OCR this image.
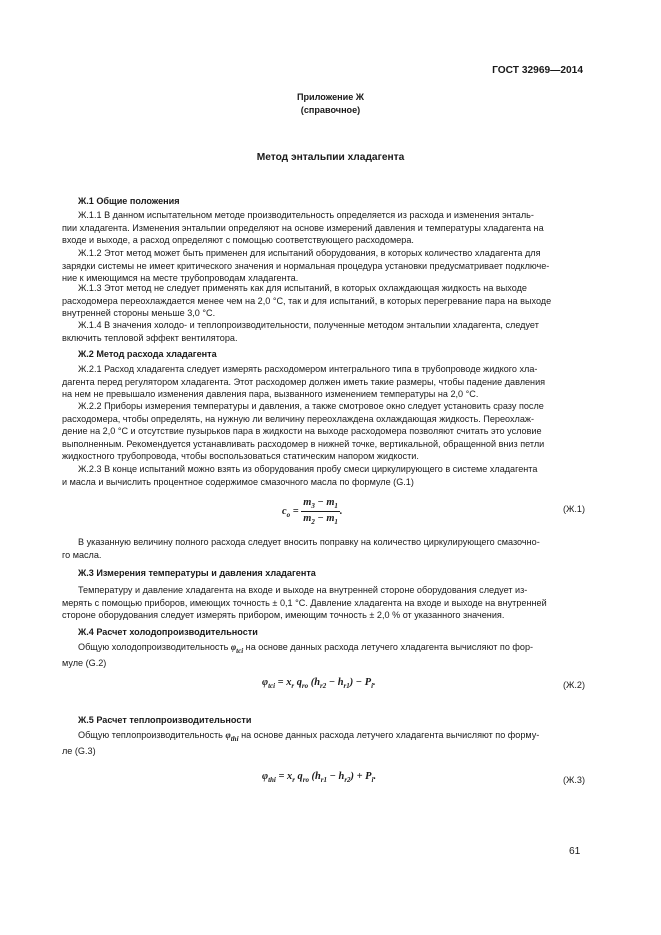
ГОСТ 32969—2014
Приложение Ж
(справочное)
Метод энтальпии хладагента
Ж.1 Общие положения
Ж.1.1 В данном испытательном методе производительность определяется из расхода и изменения энталь-
пии хладагента. Изменения энтальпии определяют на основе измерений давления и температуры хладагента на
входе и выходе, а расход определяют с помощью соответствующего расходомера.
Ж.1.2 Этот метод может быть применен для испытаний оборудования, в которых количество хладагента для
зарядки системы не имеет критического значения и нормальная процедура установки предусматривает подключе-
ние к имеющимся на месте трубопроводам хладагента.
Ж.1.3 Этот метод не следует применять как для испытаний, в которых охлаждающая жидкость на выходе
расходомера переохлаждается менее чем на 2,0 °С, так и для испытаний, в которых перегревание пара на выходе
внутренней стороны меньше 3,0 °С.
Ж.1.4 В значения холодо- и теплопроизводительности, полученные методом энтальпии хладагента, следует
включить тепловой эффект вентилятора.
Ж.2 Метод расхода хладагента
Ж.2.1 Расход хладагента следует измерять расходомером интегрального типа в трубопроводе жидкого хла-
дагента перед регулятором хладагента. Этот расходомер должен иметь такие размеры, чтобы падение давления
на нем не превышало изменения давления пара, вызванного изменением температуры на 2,0 °С.
Ж.2.2 Приборы измерения температуры и давления, а также смотровое окно следует установить сразу после
расходомера, чтобы определять, на нужную ли величину переохлаждена охлаждающая жидкость. Переохлаж-
дение на 2,0 °С и отсутствие пузырьков пара в жидкости на выходе расходомера позволяют считать это условие
выполненным. Рекомендуется устанавливать расходомер в нижней точке, вертикальной, обращенной вниз петли
жидкостного трубопровода, чтобы воспользоваться статическим напором жидкости.
Ж.2.3 В конце испытаний можно взять из оборудования пробу смеси циркулирующего в системе хладагента
и масла и вычислить процентное содержимое смазочного масла по формуле (G.1)
$c_o = \frac{m_3 - m_1}{m_2 - m_1}$ .	(Ж.1)
В указанную величину полного расхода следует вносить поправку на количество циркулирующего смазочно-
го масла.
Ж.3 Измерения температуры и давления хладагента
Температуру и давление хладагента на входе и выходе на внутренней стороне оборудования следует из-
мерять с помощью приборов, имеющих точность ± 0,1 °С. Давление хладагента на входе и выходе на внутренней
стороне оборудования следует измерять прибором, имеющим точность ± 2,0 % от указанного значения.
Ж.4 Расчет холодопроизводительности
Общую холодопроизводительность $\varphi_{tci}$ на основе данных расхода летучего хладагента вычисляют по фор-
муле (G.2)
$\varphi_{tci} = x_r$ $q_{ro}$ $(h_{r2} - h_{r1}) - P_i$.	(Ж.2)
Ж.5 Расчет теплопроизводительности
Общую теплопроизводительность $\varphi_{thi}$ на основе данных расхода летучего хладагента вычисляют по форму-
ле (G.3)
$\varphi_{thi} = x_r$ $q_{ro}$ $(h_{r1} - h_{r2}) + P_i$.	(Ж.3)
61
